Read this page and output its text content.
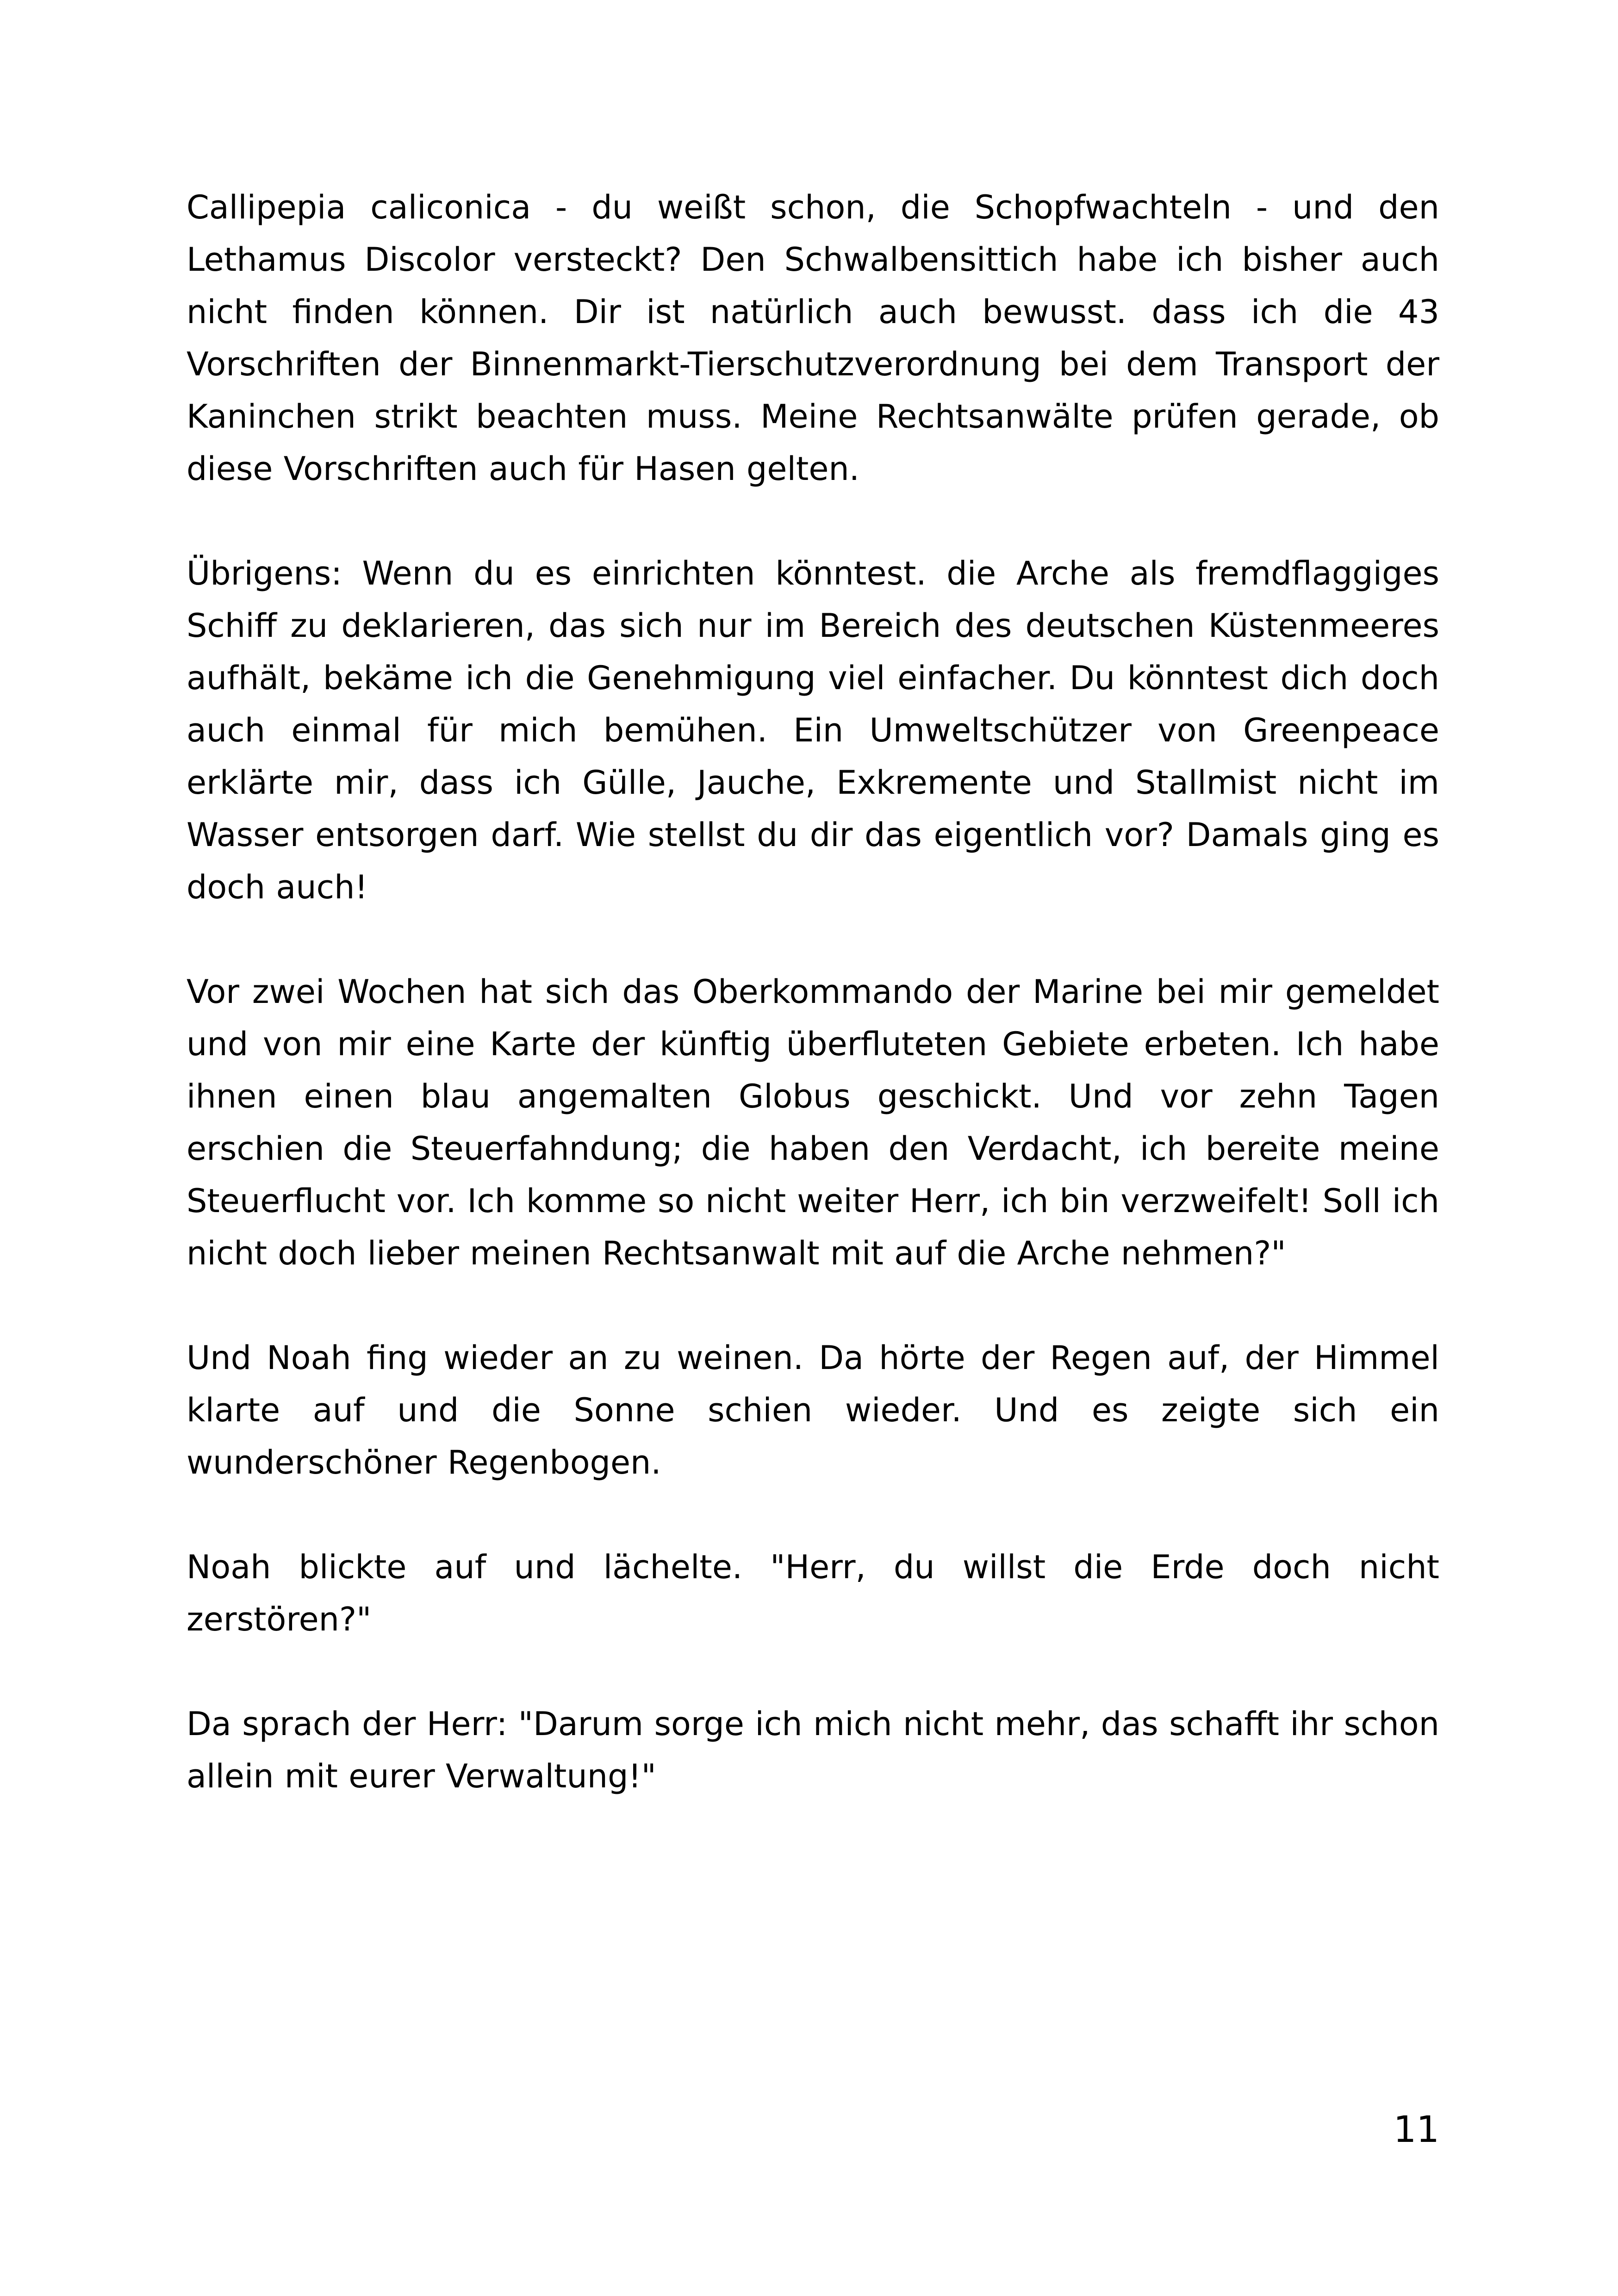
Callipepia caliconica - du weißt schon, die Schopfwachteln - und den Lethamus Discolor versteckt? Den Schwalbensittich habe ich bisher auch nicht finden können. Dir ist natürlich auch bewusst. dass ich die 43 Vorschriften der Binnenmarkt-Tierschutzverordnung bei dem Transport der Kaninchen strikt beachten muss. Meine Rechtsanwälte prüfen gerade, ob diese Vorschriften auch für Hasen gelten.

Übrigens: Wenn du es einrichten könntest. die Arche als fremdflaggiges Schiff zu deklarieren, das sich nur im Bereich des deutschen Küstenmeeres aufhält, bekäme ich die Genehmigung viel einfacher. Du könntest dich doch auch einmal für mich bemühen. Ein Umweltschützer von Greenpeace erklärte mir, dass ich Gülle, Jauche, Exkremente und Stallmist nicht im Wasser entsorgen darf. Wie stellst du dir das eigentlich vor? Damals ging es doch auch!

Vor zwei Wochen hat sich das Oberkommando der Marine bei mir gemeldet und von mir eine Karte der künftig überfluteten Gebiete erbeten. Ich habe ihnen einen blau angemalten Globus geschickt. Und vor zehn Tagen erschien die Steuerfahndung; die haben den Verdacht, ich bereite meine Steuerflucht vor. Ich komme so nicht weiter Herr, ich bin verzweifelt! Soll ich nicht doch lieber meinen Rechtsanwalt mit auf die Arche nehmen?"

Und Noah fing wieder an zu weinen. Da hörte der Regen auf, der Himmel klarte auf und die Sonne schien wieder. Und es zeigte sich ein wunderschöner Regenbogen.

Noah blickte auf und lächelte. "Herr, du willst die Erde doch nicht zerstören?"

Da sprach der Herr: "Darum sorge ich mich nicht mehr, das schafft ihr schon allein mit eurer Verwaltung!"

11
